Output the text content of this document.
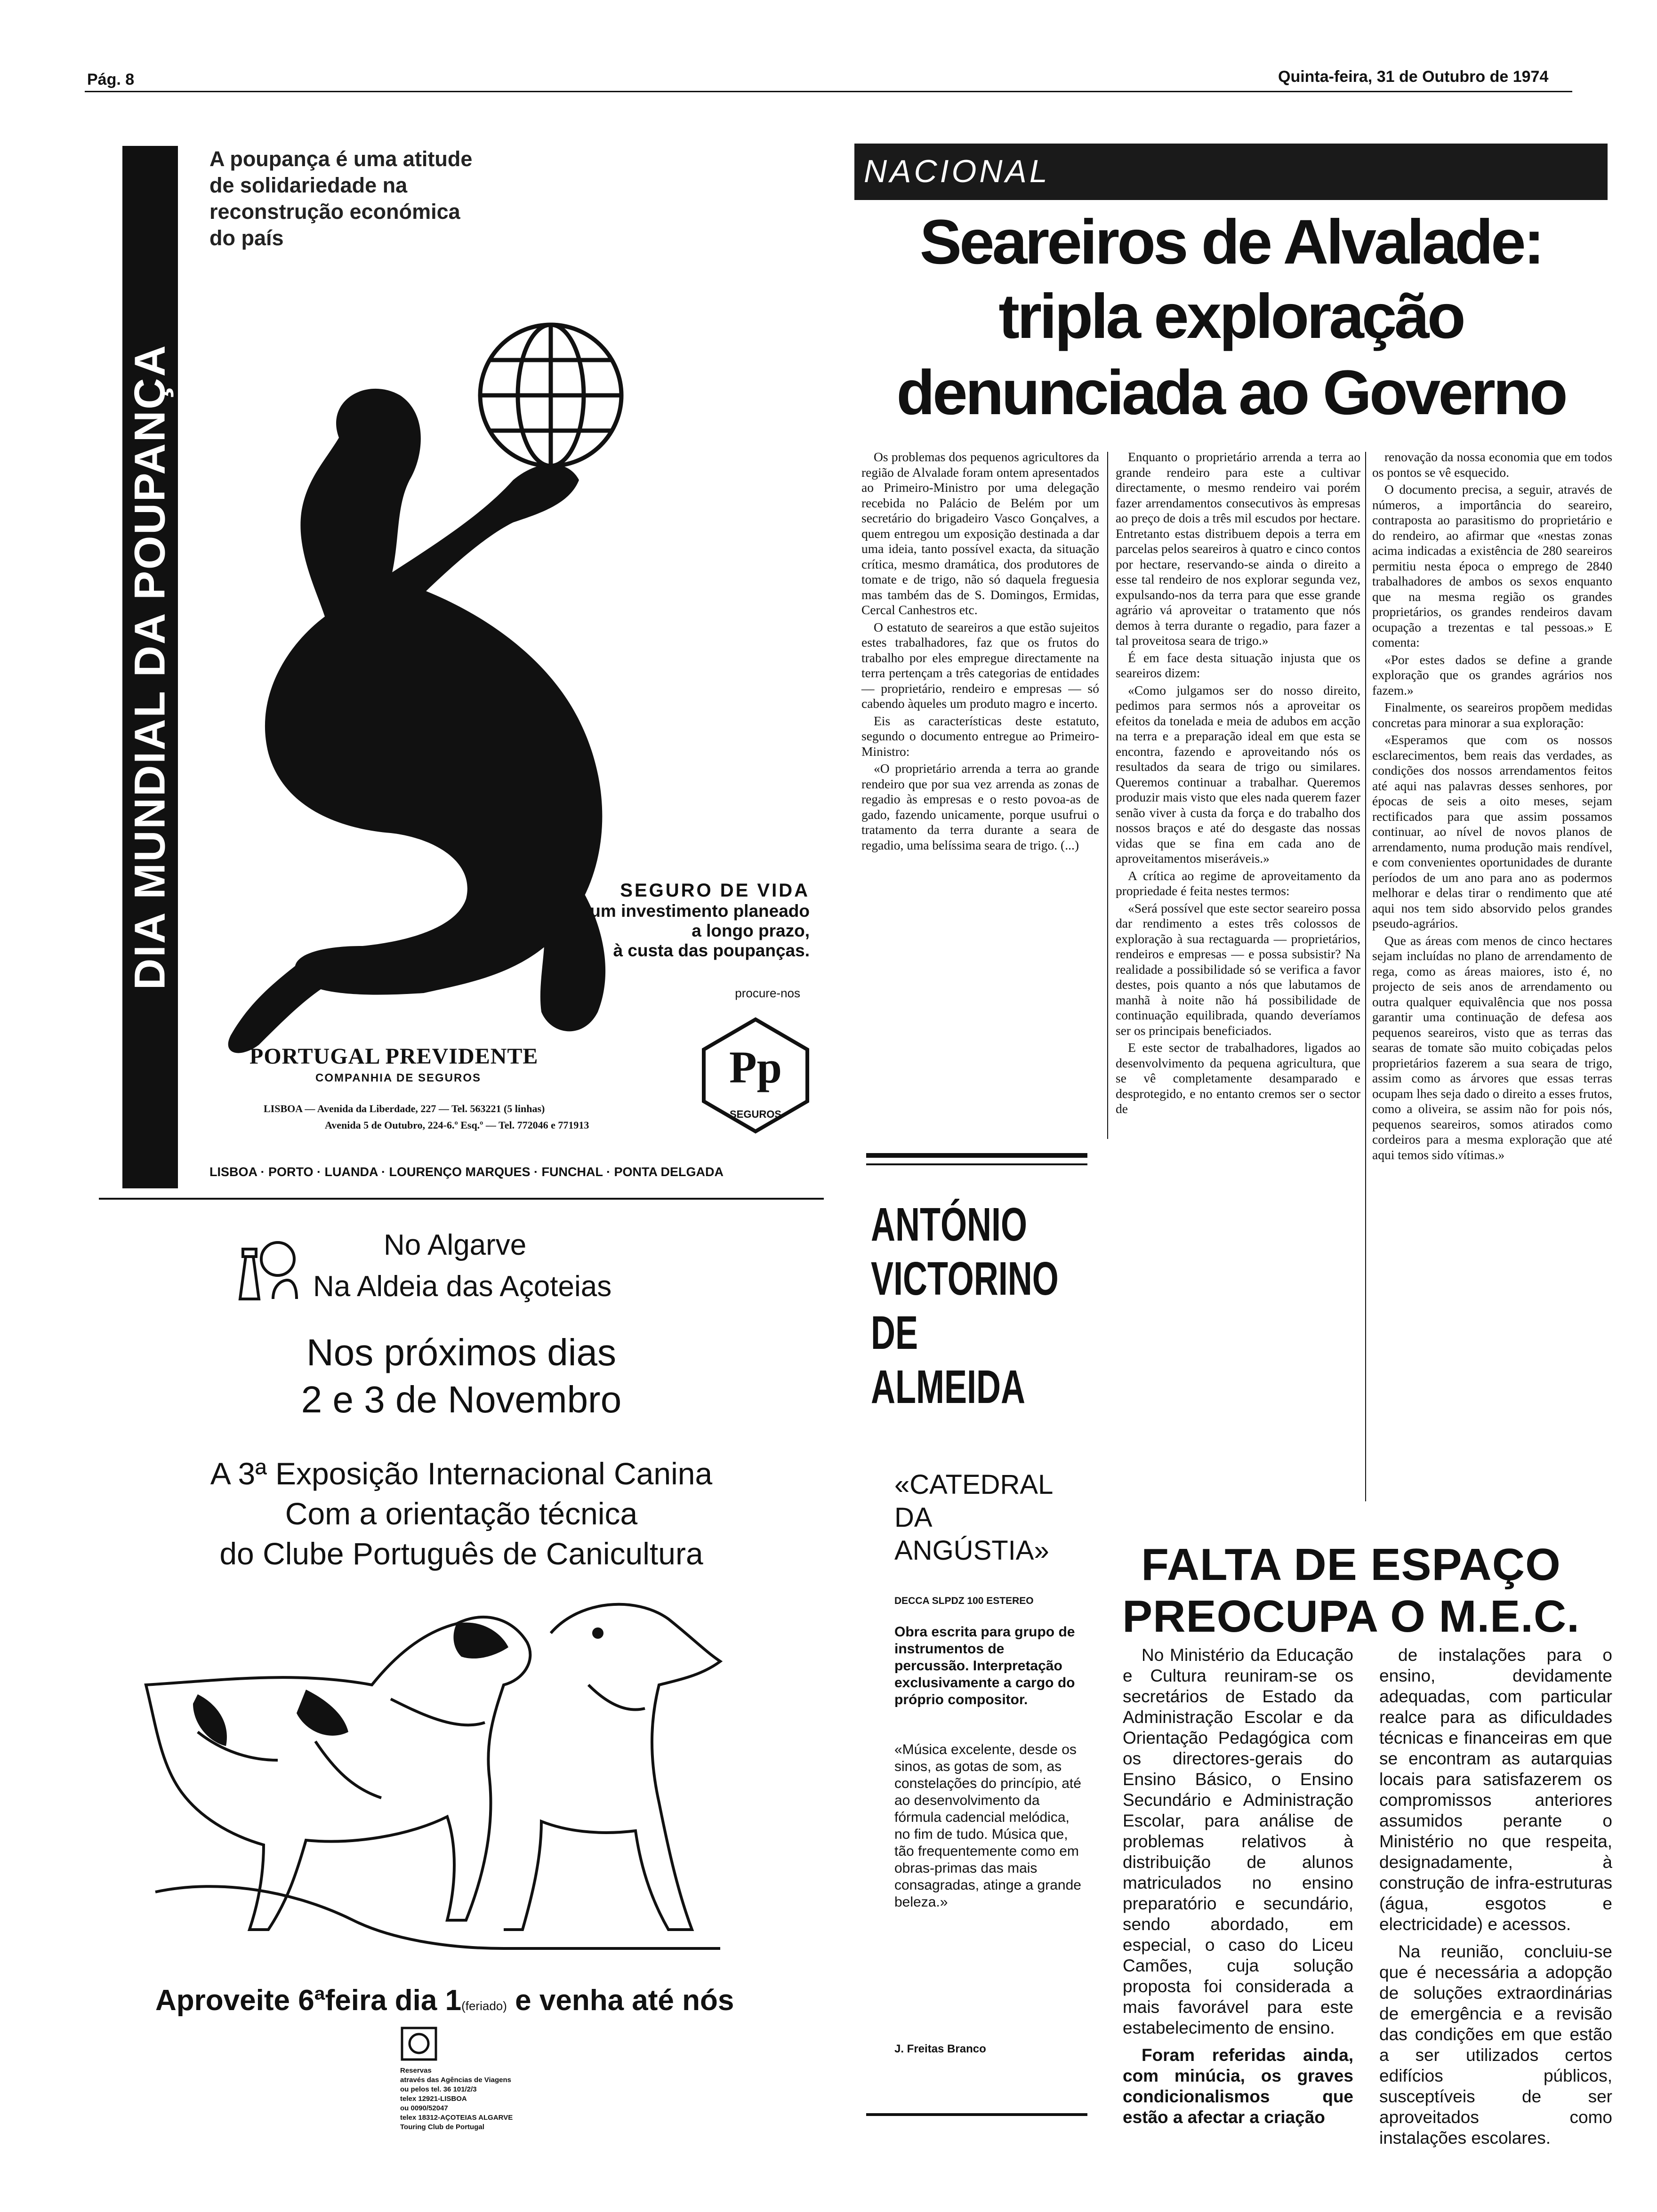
Pág. 8	Quinta-feira, 31 de Outubro de 1974
DIA MUNDIAL DA POUPANÇA
A poupança é uma atitude de solidariedade na reconstrução económica do país
SEGURO DE VIDA
é um investimento planeado
a longo prazo,
à custa das poupanças.
procure-nos
PORTUGAL PREVIDENTE
COMPANHIA DE SEGUROS
LISBOA — Avenida da Liberdade, 227 — Tel. 563221 (5 linhas)
Avenida 5 de Outubro, 224-6.º Esq.º — Tel. 772046 e 771913
Pp
SEGUROS
LISBOA · PORTO · LUANDA · LOURENÇO MARQUES · FUNCHAL · PONTA DELGADA
No Algarve
Na Aldeia das Açoteias
Nos próximos dias
2 e 3 de Novembro
A 3ª Exposição Internacional Canina
Com a orientação técnica
do Clube Português de Canicultura
Aproveite 6ªfeira dia 1(feriado) e venha até nós
Reservas
através das Agências de Viagens
ou pelos tel. 36 101/2/3
telex 12921-LISBOA
ou 0090/52047
telex 18312-AÇOTEIAS ALGARVE
Touring Club de Portugal
NACIONAL
Seareiros de Alvalade:
tripla exploração
denunciada ao Governo

Os problemas dos pequenos agricultores da região de Alvalade foram ontem apresentados ao Primeiro-Ministro por uma delegação recebida no Palácio de Belém por um secretário do brigadeiro Vasco Gonçalves, a quem entregou um exposição destinada a dar uma ideia, tanto possível exacta, da situação crítica, mesmo dramática, dos produtores de tomate e de trigo, não só daquela freguesia mas também das de S. Domingos, Ermidas, Cercal Canhestros etc.

O estatuto de seareiros a que estão sujeitos estes trabalhadores, faz que os frutos do trabalho por eles empregue directamente na terra pertençam a três categorias de entidades — proprietário, rendeiro e empresas — só cabendo àqueles um produto magro e incerto.

Eis as características deste estatuto, segundo o documento entregue ao Primeiro-Ministro:

«O proprietário arrenda a terra ao grande rendeiro que por sua vez arrenda as zonas de regadio às empresas e o resto povoa-as de gado, fazendo unicamente, porque usufrui o tratamento da terra durante a seara de regadio, uma belíssima seara de trigo. (...)

Enquanto o proprietário arrenda a terra ao grande rendeiro para este a cultivar directamente, o mesmo rendeiro vai porém fazer arrendamentos consecutivos às empresas ao preço de dois a três mil escudos por hectare. Entretanto estas distribuem depois a terra em parcelas pelos seareiros à quatro e cinco contos por hectare, reservando-se ainda o direito a esse tal rendeiro de nos explorar segunda vez, expulsando-nos da terra para que esse grande agrário vá aproveitar o tratamento que nós demos à terra durante o regadio, para fazer a tal proveitosa seara de trigo.»

É em face desta situação injusta que os seareiros dizem:

«Como julgamos ser do nosso direito, pedimos para sermos nós a aproveitar os efeitos da tonelada e meia de adubos em acção na terra e a preparação ideal em que esta se encontra, fazendo e aproveitando nós os resultados da seara de trigo ou similares. Queremos continuar a trabalhar. Queremos produzir mais visto que eles nada querem fazer senão viver à custa da força e do trabalho dos nossos braços e até do desgaste das nossas vidas que se fina em cada ano de aproveitamentos miseráveis.»

A crítica ao regime de aproveitamento da propriedade é feita nestes termos:

«Será possível que este sector seareiro possa dar rendimento a estes três colossos de exploração à sua rectaguarda — proprietários, rendeiros e empresas — e possa subsistir? Na realidade a possibilidade só se verifica a favor destes, pois quanto a nós que labutamos de manhã à noite não há possibilidade de continuação equilibrada, quando deveríamos ser os principais beneficiados.

E este sector de trabalhadores, ligados ao desenvolvimento da pequena agricultura, que se vê completamente desamparado e desprotegido, e no entanto cremos ser o sector de

renovação da nossa economia que em todos os pontos se vê esquecido.

O documento precisa, a seguir, através de números, a importância do seareiro, contraposta ao parasitismo do proprietário e do rendeiro, ao afirmar que «nestas zonas acima indicadas a existência de 280 seareiros permitiu nesta época o emprego de 2840 trabalhadores de ambos os sexos enquanto que na mesma região os grandes proprietários, os grandes rendeiros davam ocupação a trezentas e tal pessoas.» E comenta:

«Por estes dados se define a grande exploração que os grandes agrários nos fazem.»

Finalmente, os seareiros propõem medidas concretas para minorar a sua exploração:

«Esperamos que com os nossos esclarecimentos, bem reais das verdades, as condições dos nossos arrendamentos feitos até aqui nas palavras desses senhores, por épocas de seis a oito meses, sejam rectificados para que assim possamos continuar, ao nível de novos planos de arrendamento, numa produção mais rendível, e com convenientes oportunidades de durante períodos de um ano para ano as podermos melhorar e delas tirar o rendimento que até aqui nos tem sido absorvido pelos grandes pseudo-agrários.

Que as áreas com menos de cinco hectares sejam incluídas no plano de arrendamento de rega, como as áreas maiores, isto é, no projecto de seis anos de arrendamento ou outra qualquer equivalência que nos possa garantir uma continuação de defesa aos pequenos seareiros, visto que as terras das searas de tomate são muito cobiçadas pelos proprietários fazerem a sua seara de trigo, assim como as árvores que essas terras ocupam lhes seja dado o direito a esses frutos, como a oliveira, se assim não for pois nós, pequenos seareiros, somos atirados como cordeiros para a mesma exploração que até aqui temos sido vítimas.»

ANTÓNIO
VICTORINO
DE
ALMEIDA
«CATEDRAL DA ANGÚSTIA»
DECCA SLPDZ 100 ESTEREO
Obra escrita para grupo de instrumentos de percussão. Interpretação exclusivamente a cargo do próprio compositor.
«Música excelente, desde os sinos, as gotas de som, as constelações do princípio, até ao desenvolvimento da fórmula cadencial melódica, no fim de tudo. Música que, tão frequentemente como em obras-primas das mais consagradas, atinge a grande beleza.»
J. Freitas Branco
FALTA DE ESPAÇO
PREOCUPA O M.E.C.

No Ministério da Educação e Cultura reuniram-se os secretários de Estado da Administração Escolar e da Orientação Pedagógica com os directores-gerais do Ensino Básico, o Ensino Secundário e Administração Escolar, para análise de problemas relativos à distribuição de alunos matriculados no ensino preparatório e secundário, sendo abordado, em especial, o caso do Liceu Camões, cuja solução proposta foi considerada a mais favorável para este estabelecimento de ensino.

Foram referidas ainda, com minúcia, os graves condicionalismos que estão a afectar a criação

de instalações para o ensino, devidamente adequadas, com particular realce para as dificuldades técnicas e financeiras em que se encontram as autarquias locais para satisfazerem os compromissos anteriores assumidos perante o Ministério no que respeita, designadamente, à construção de infra-estruturas (água, esgotos e electricidade) e acessos.

Na reunião, concluiu-se que é necessária a adopção de soluções extraordinárias de emergência e a revisão das condições em que estão a ser utilizados certos edifícios públicos, susceptíveis de ser aproveitados como instalações escolares.
